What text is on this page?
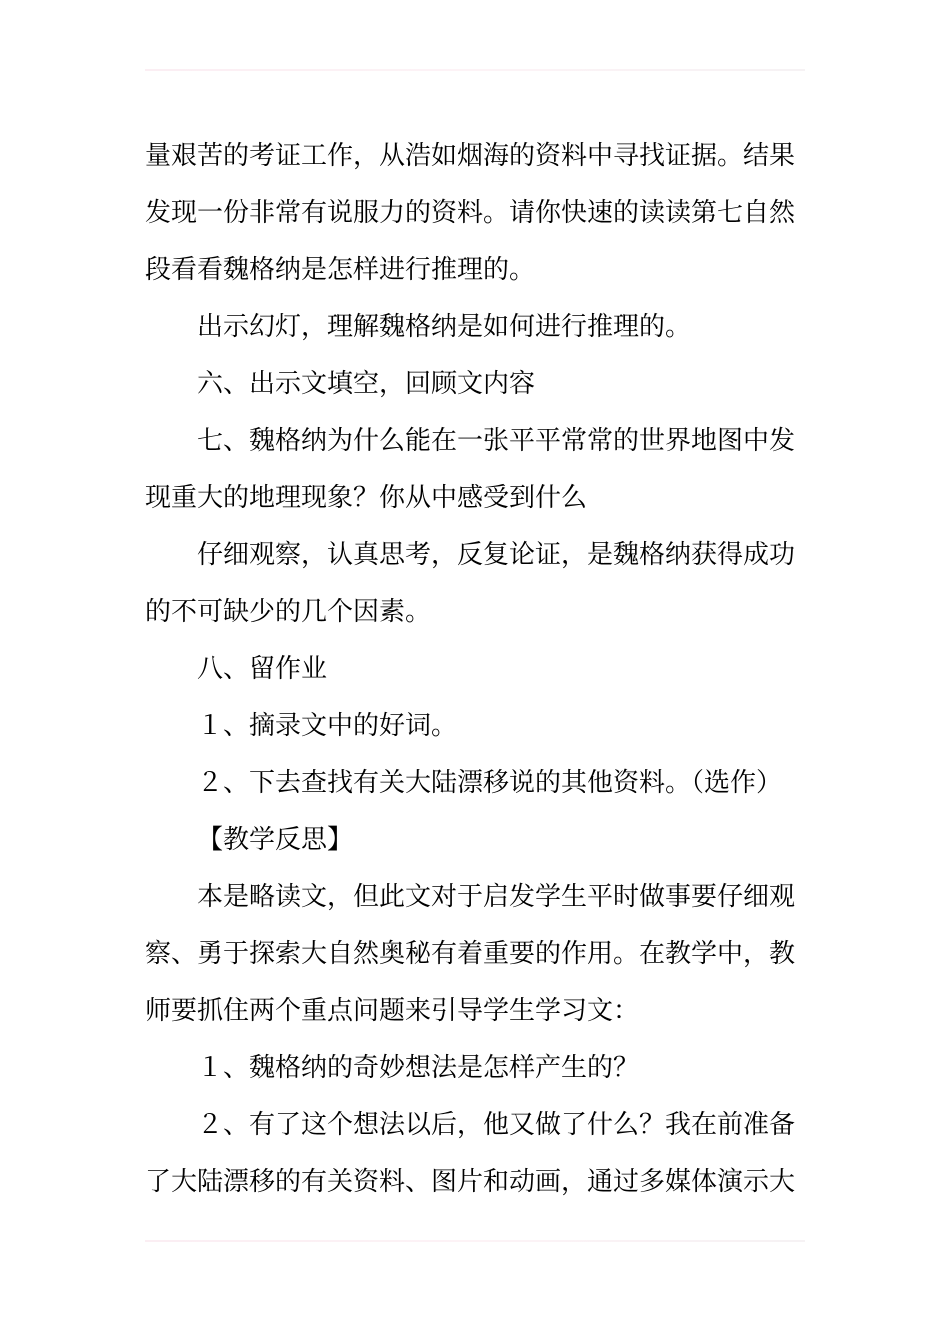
量艰苦的考证工作，从浩如烟海的资料中寻找证据。结果

发现一份非常有说服力的资料。请你快速的读读第七自然

段看看魏格纳是怎样进行推理的。

出示幻灯，理解魏格纳是如何进行推理的。

六、出示文填空，回顾文内容

七、魏格纳为什么能在一张平平常常的世界地图中发

现重大的地理现象？你从中感受到什么

仔细观察，认真思考，反复论证，是魏格纳获得成功

的不可缺少的几个因素。

八、留作业

１、摘录文中的好词。

２、下去查找有关大陆漂移说的其他资料。（选作）

【教学反思】

本是略读文，但此文对于启发学生平时做事要仔细观

察、勇于探索大自然奥秘有着重要的作用。在教学中，教

师要抓住两个重点问题来引导学生学习文：

１、魏格纳的奇妙想法是怎样产生的？

２、有了这个想法以后，他又做了什么？我在前准备

了大陆漂移的有关资料、图片和动画，通过多媒体演示大
